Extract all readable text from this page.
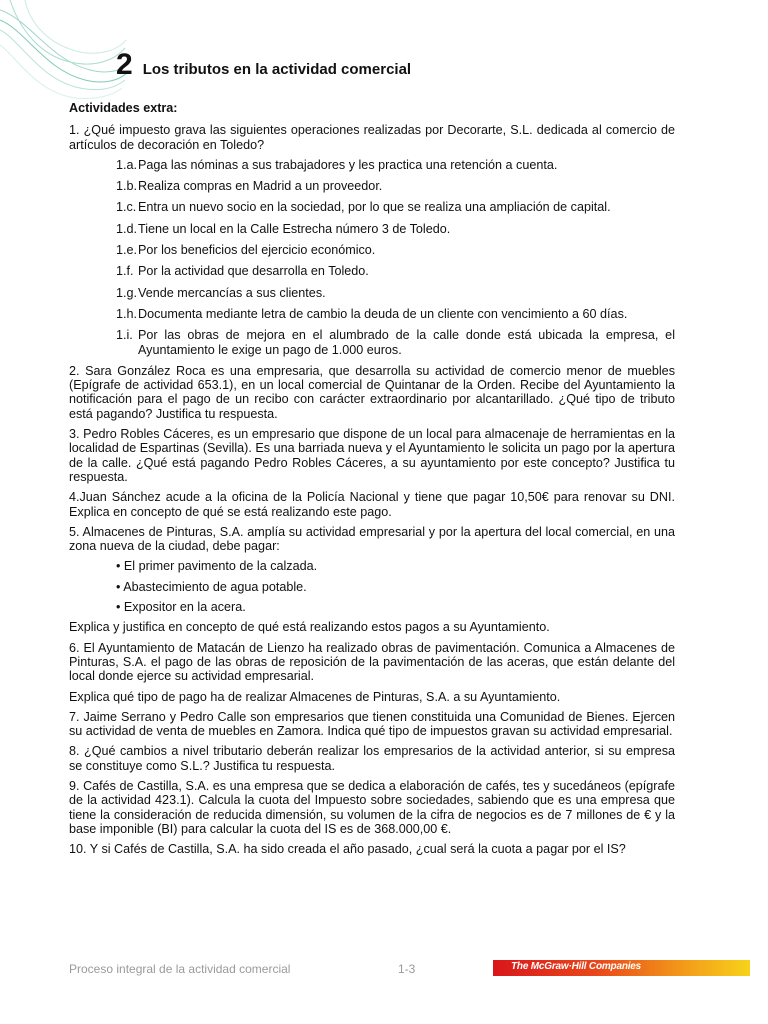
2 Los tributos en la actividad comercial
Actividades extra:

1. ¿Qué impuesto grava las siguientes operaciones realizadas por Decorarte, S.L. dedicada al comercio de artículos de decoración en Toledo?

1.a. Paga las nóminas a sus trabajadores y les practica una retención a cuenta.
1.b. Realiza compras en Madrid a un proveedor.
1.c. Entra un nuevo socio en la sociedad, por lo que se realiza una ampliación de capital.
1.d. Tiene un local en la Calle Estrecha número 3 de Toledo.
1.e. Por los beneficios del ejercicio económico.
1.f. Por la actividad que desarrolla en Toledo.
1.g. Vende mercancías a sus clientes.
1.h. Documenta mediante letra de cambio la deuda de un cliente con vencimiento a 60 días.
1.i. Por las obras de mejora en el alumbrado de la calle donde está ubicada la empresa, el Ayuntamiento le exige un pago de 1.000 euros.

2. Sara González Roca es una empresaria, que desarrolla su actividad de comercio menor de muebles (Epígrafe de actividad 653.1), en un local comercial de Quintanar de la Orden. Recibe del Ayuntamiento la notificación para el pago de un recibo con carácter extraordinario por alcantarillado. ¿Qué tipo de tributo está pagando? Justifica tu respuesta.

3. Pedro Robles Cáceres, es un empresario que dispone de un local para almacenaje de herramientas en la localidad de Espartinas (Sevilla). Es una barriada nueva y el Ayuntamiento le solicita un pago por la apertura de la calle. ¿Qué está pagando Pedro Robles Cáceres, a su ayuntamiento por este concepto? Justifica tu respuesta.

4.Juan Sánchez acude a la oficina de la Policía Nacional y tiene que pagar 10,50€ para renovar su DNI. Explica en concepto de qué se está realizando este pago.

5. Almacenes de Pinturas, S.A. amplía su actividad empresarial y por la apertura del local comercial, en una zona nueva de la ciudad, debe pagar:

• El primer pavimento de la calzada.
• Abastecimiento de agua potable.
• Expositor en la acera.

Explica y justifica en concepto de qué está realizando estos pagos a su Ayuntamiento.

6. El Ayuntamiento de Matacán de Lienzo ha realizado obras de pavimentación. Comunica a Almacenes de Pinturas, S.A. el pago de las obras de reposición de la pavimentación de las aceras, que están delante del local donde ejerce su actividad empresarial.

Explica qué tipo de pago ha de realizar Almacenes de Pinturas, S.A. a su Ayuntamiento.

7. Jaime Serrano y Pedro Calle son empresarios que tienen constituida una Comunidad de Bienes. Ejercen su actividad de venta de muebles en Zamora. Indica qué tipo de impuestos gravan su actividad empresarial.

8. ¿Qué cambios a nivel tributario deberán realizar los empresarios de la actividad anterior, si su empresa se constituye como S.L.? Justifica tu respuesta.

9. Cafés de Castilla, S.A. es una empresa que se dedica a elaboración de cafés, tes y sucedáneos (epígrafe de la actividad 423.1). Calcula la cuota del Impuesto sobre sociedades, sabiendo que es una empresa que tiene la consideración de reducida dimensión, su volumen de la cifra de negocios es de 7 millones de € y la base imponible (BI) para calcular la cuota del IS es de 368.000,00 €.

10. Y si Cafés de Castilla, S.A. ha sido creada el año pasado, ¿cual será la cuota a pagar por el IS?

Proceso integral de la actividad comercial	1-3	The McGraw·Hill Companies
